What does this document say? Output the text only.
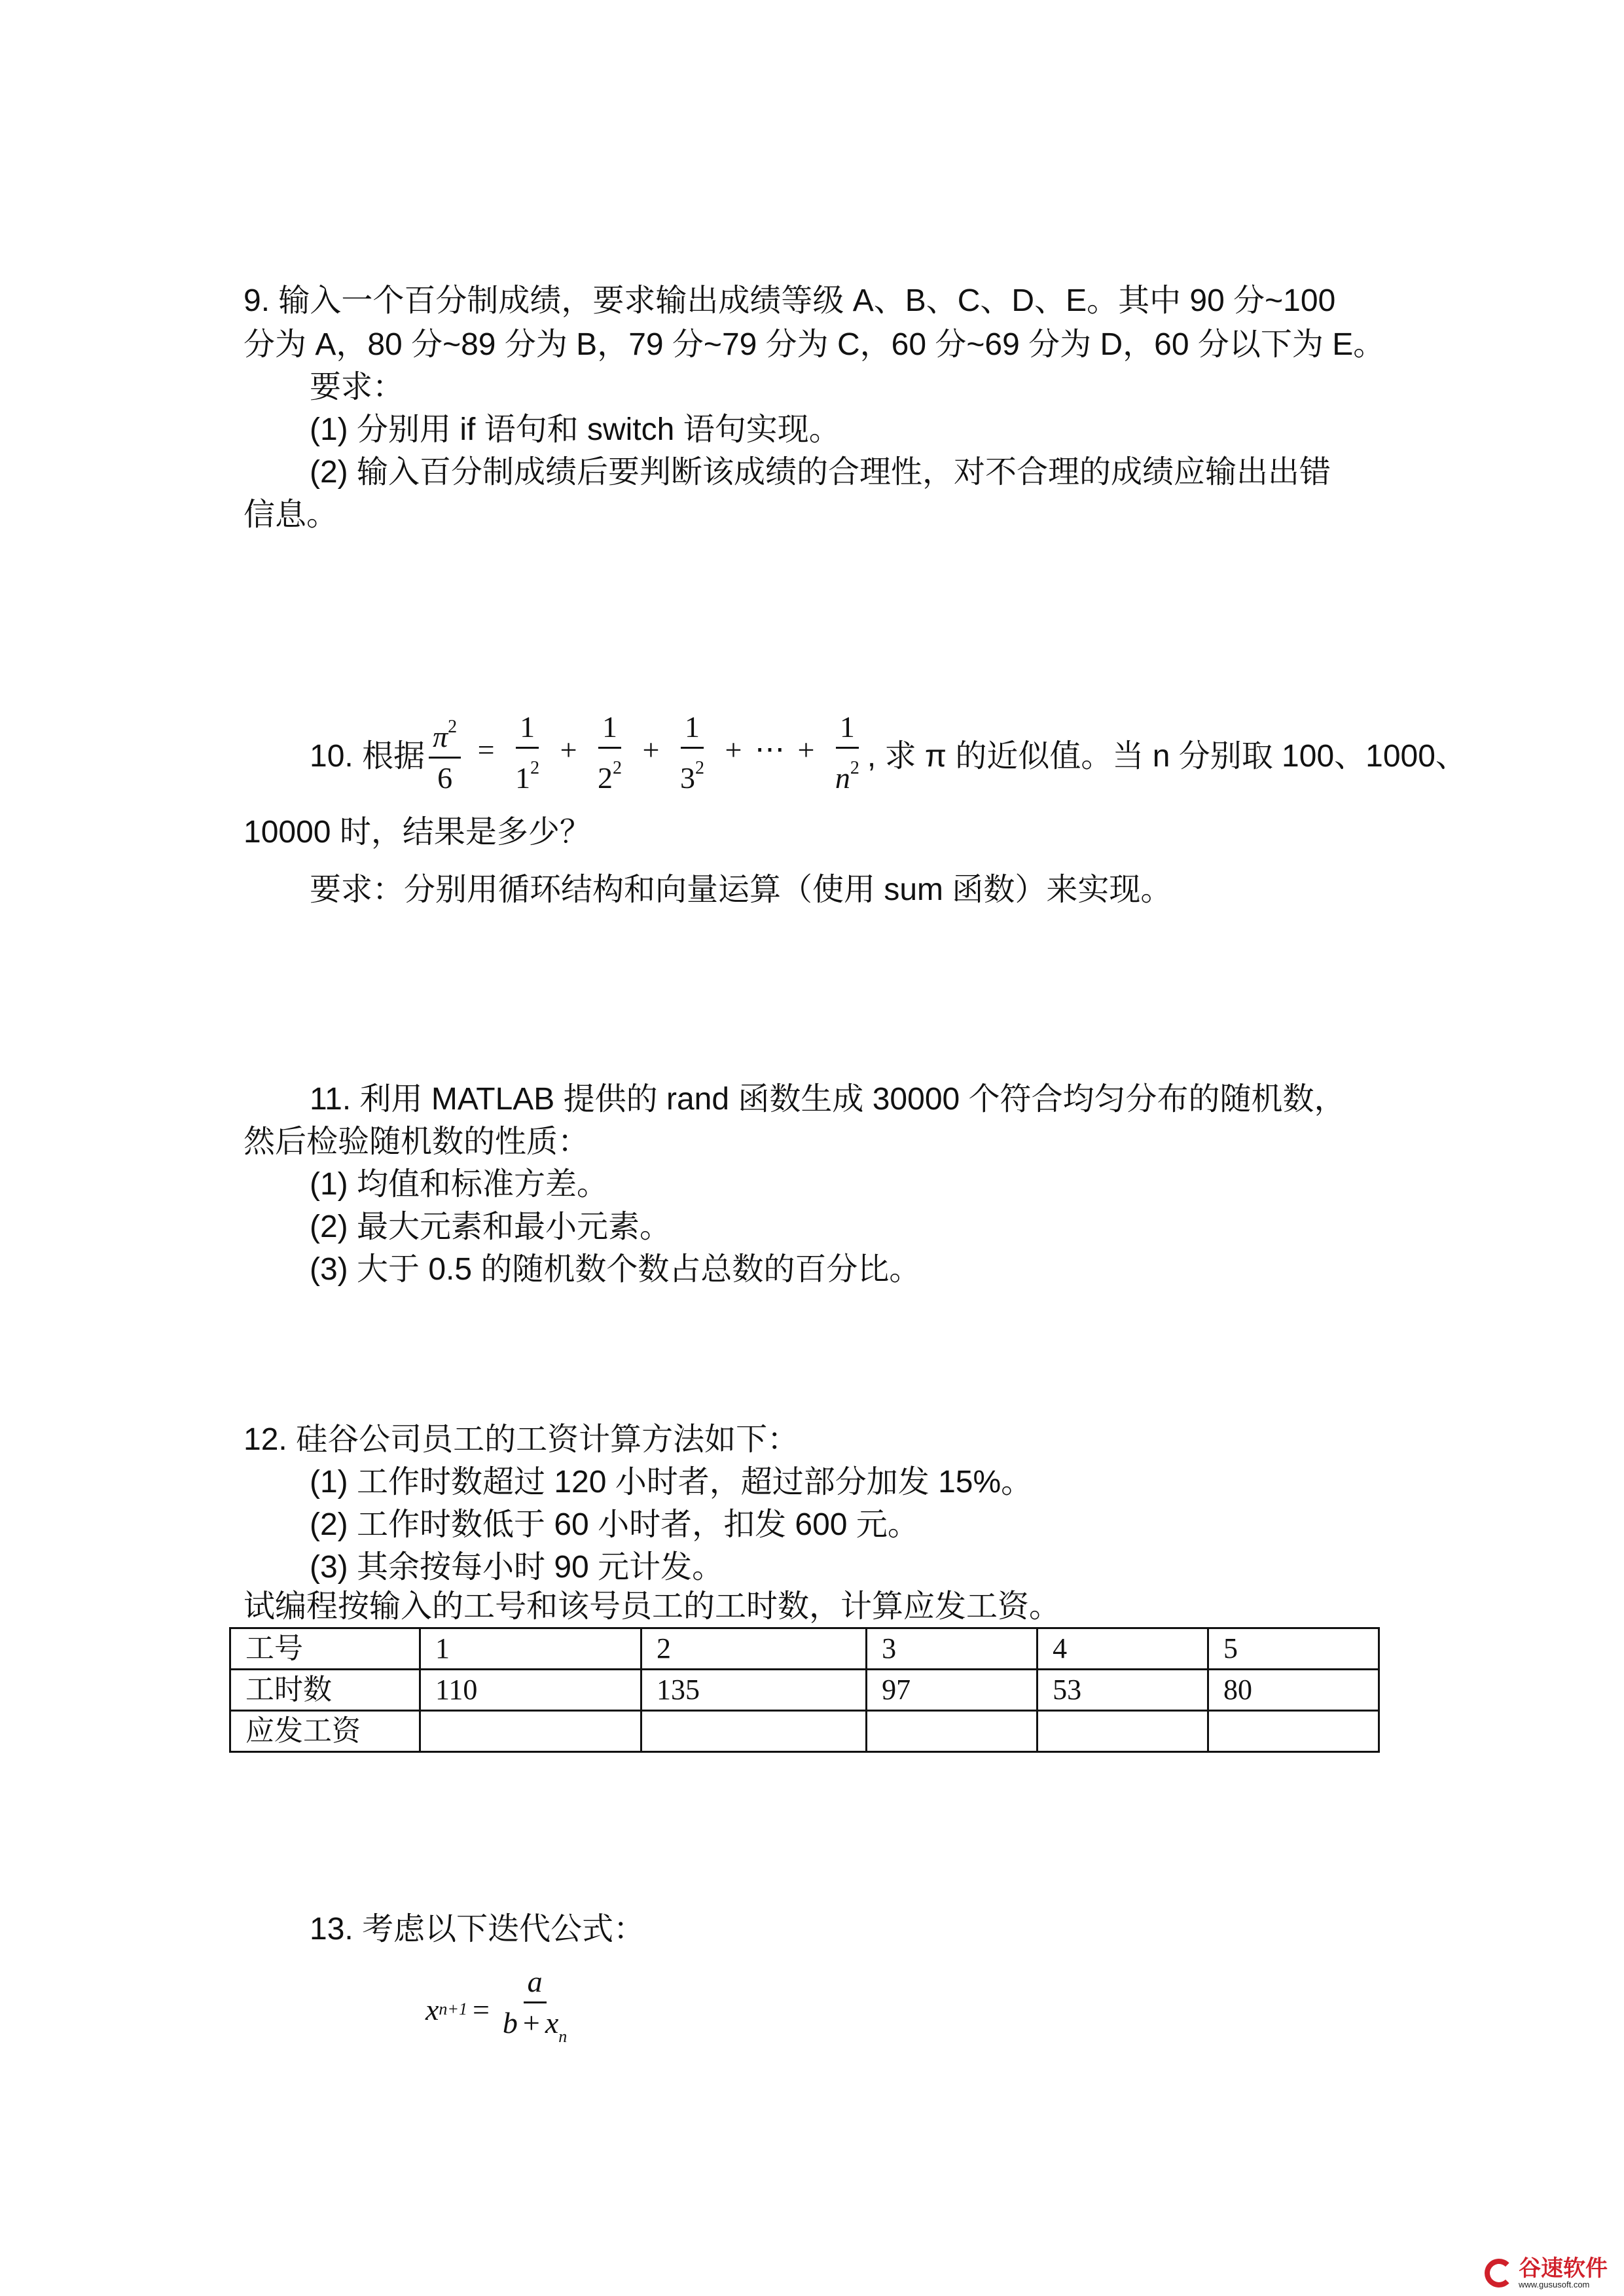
9. 输入一个百分制成绩，要求输出成绩等级 A、B、C、D、E。其中 90 分~100
分为 A，80 分~89 分为 B，79 分~79 分为 C，60 分~69 分为 D，60 分以下为 E。
要求：
(1) 分别用 if 语句和 switch 语句实现。
(2) 输入百分制成绩后要判断该成绩的合理性，对不合理的成绩应输出出错
信息。
10. 根据 $\frac{\pi^2}{6} = \frac{1}{1^2} + \frac{1}{2^2} + \frac{1}{3^2}$ + ⋯ + $\frac{1}{n^2}$ , 求 π 的近似值。当 n 分别取 100、1000、
10000 时，结果是多少？
要求：分别用循环结构和向量运算（使用 sum 函数）来实现。
11. 利用 MATLAB 提供的 rand 函数生成 30000 个符合均匀分布的随机数，
然后检验随机数的性质：
(1) 均值和标准方差。
(2) 最大元素和最小元素。
(3) 大于 0.5 的随机数个数占总数的百分比。
12. 硅谷公司员工的工资计算方法如下：
(1) 工作时数超过 120 小时者，超过部分加发 15%。
(2) 工作时数低于 60 小时者，扣发 600 元。
(3) 其余按每小时 90 元计发。
试编程按输入的工号和该号员工的工时数，计算应发工资。
工号	1	2	3	4	5
工时数	110	135	97	53	80
应发工资					
13. 考虑以下迭代公式：
x $n+1 = \frac{a}{b + x_n}$
谷速软件
www.gususoft.com
